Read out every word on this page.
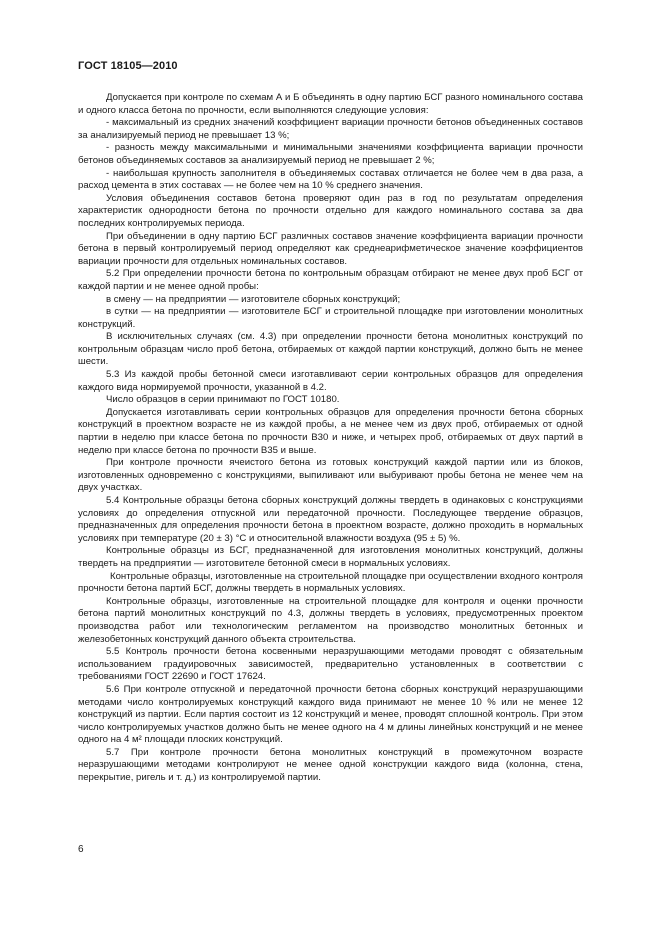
ГОСТ 18105—2010

Допускается при контроле по схемам А и Б объединять в одну партию БСГ разного номинального состава и одного класса бетона по прочности, если выполняются следующие условия:

- максимальный из средних значений коэффициент вариации прочности бетонов объединенных составов за анализируемый период не превышает 13 %;

- разность между максимальными и минимальными значениями коэффициента вариации прочности бетонов объединяемых составов за анализируемый период не превышает 2 %;

- наибольшая крупность заполнителя в объединяемых составах отличается не более чем в два раза, а расход цемента в этих составах — не более чем на 10 % среднего значения.

Условия объединения составов бетона проверяют один раз в год по результатам определения характеристик однородности бетона по прочности отдельно для каждого номинального состава за два последних контролируемых периода.

При объединении в одну партию БСГ различных составов значение коэффициента вариации прочности бетона в первый контролируемый период определяют как среднеарифметическое значение коэффициентов вариации прочности для отдельных номинальных составов.

5.2 При определении прочности бетона по контрольным образцам отбирают не менее двух проб БСГ от каждой партии и не менее одной пробы:

в смену — на предприятии — изготовителе сборных конструкций;

в сутки — на предприятии — изготовителе БСГ и строительной площадке при изготовлении монолитных конструкций.

В исключительных случаях (см. 4.3) при определении прочности бетона монолитных конструкций по контрольным образцам число проб бетона, отбираемых от каждой партии конструкций, должно быть не менее шести.

5.3 Из каждой пробы бетонной смеси изготавливают серии контрольных образцов для определения каждого вида нормируемой прочности, указанной в 4.2.

Число образцов в серии принимают по ГОСТ 10180.

Допускается изготавливать серии контрольных образцов для определения прочности бетона сборных конструкций в проектном возрасте не из каждой пробы, а не менее чем из двух проб, отбираемых от одной партии в неделю при классе бетона по прочности В30 и ниже, и четырех проб, отбираемых от двух партий в неделю при классе бетона по прочности В35 и выше.

При контроле прочности ячеистого бетона из готовых конструкций каждой партии или из блоков, изготовленных одновременно с конструкциями, выпиливают или выбуривают пробы бетона не менее чем на двух участках.

5.4 Контрольные образцы бетона сборных конструкций должны твердеть в одинаковых с конструкциями условиях до определения отпускной или передаточной прочности. Последующее твердение образцов, предназначенных для определения прочности бетона в проектном возрасте, должно проходить в нормальных условиях при температуре (20 ± 3) °С и относительной влажности воздуха (95 ± 5) %.

Контрольные образцы из БСГ, предназначенной для изготовления монолитных конструкций, должны твердеть на предприятии — изготовителе бетонной смеси в нормальных условиях.

Контрольные образцы, изготовленные на строительной площадке при осуществлении входного контроля прочности бетона партий БСГ, должны твердеть в нормальных условиях.

Контрольные образцы, изготовленные на строительной площадке для контроля и оценки прочности бетона партий монолитных конструкций по 4.3, должны твердеть в условиях, предусмотренных проектом производства работ или технологическим регламентом на производство монолитных бетонных и железобетонных конструкций данного объекта строительства.

5.5 Контроль прочности бетона косвенными неразрушающими методами проводят с обязательным использованием градуировочных зависимостей, предварительно установленных в соответствии с требованиями ГОСТ 22690 и ГОСТ 17624.

5.6 При контроле отпускной и передаточной прочности бетона сборных конструкций неразрушающими методами число контролируемых конструкций каждого вида принимают не менее 10 % или не менее 12 конструкций из партии. Если партия состоит из 12 конструкций и менее, проводят сплошной контроль. При этом число контролируемых участков должно быть не менее одного на 4 м длины линейных конструкций и не менее одного на 4 м² площади плоских конструкций.

5.7 При контроле прочности бетона монолитных конструкций в промежуточном возрасте неразрушающими методами контролируют не менее одной конструкции каждого вида (колонна, стена, перекрытие, ригель и т. д.) из контролируемой партии.

6
